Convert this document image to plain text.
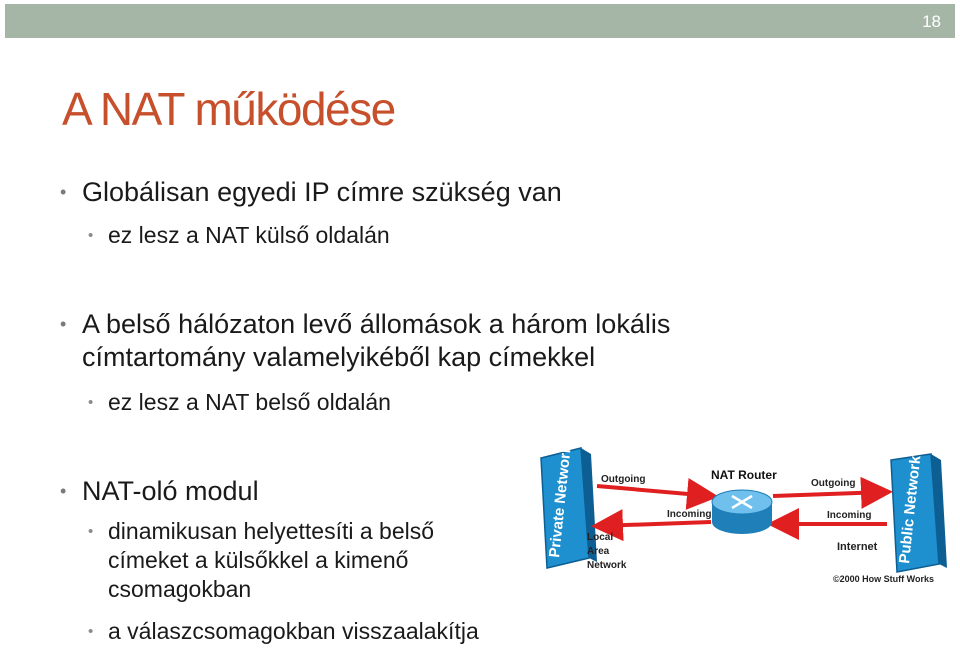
18
A NAT működése
• Globálisan egyedi IP címre szükség van
• ez lesz a NAT külső oldalán
• A belső hálózaton levő állomások a három lokális
címtartomány valamelyikéből kap címekkel
• ez lesz a NAT belső oldalán
• NAT-oló modul
• dinamikusan helyettesíti a belső
címeket a külsőkkel a kimenő
csomagokban
• a válaszcsomagokban visszaalakítja
Private Network	Public Network
Outgoing
Incoming
NAT Router
Outgoing
Incoming
Local
Area
Network
Internet
©2000 How Stuff Works
